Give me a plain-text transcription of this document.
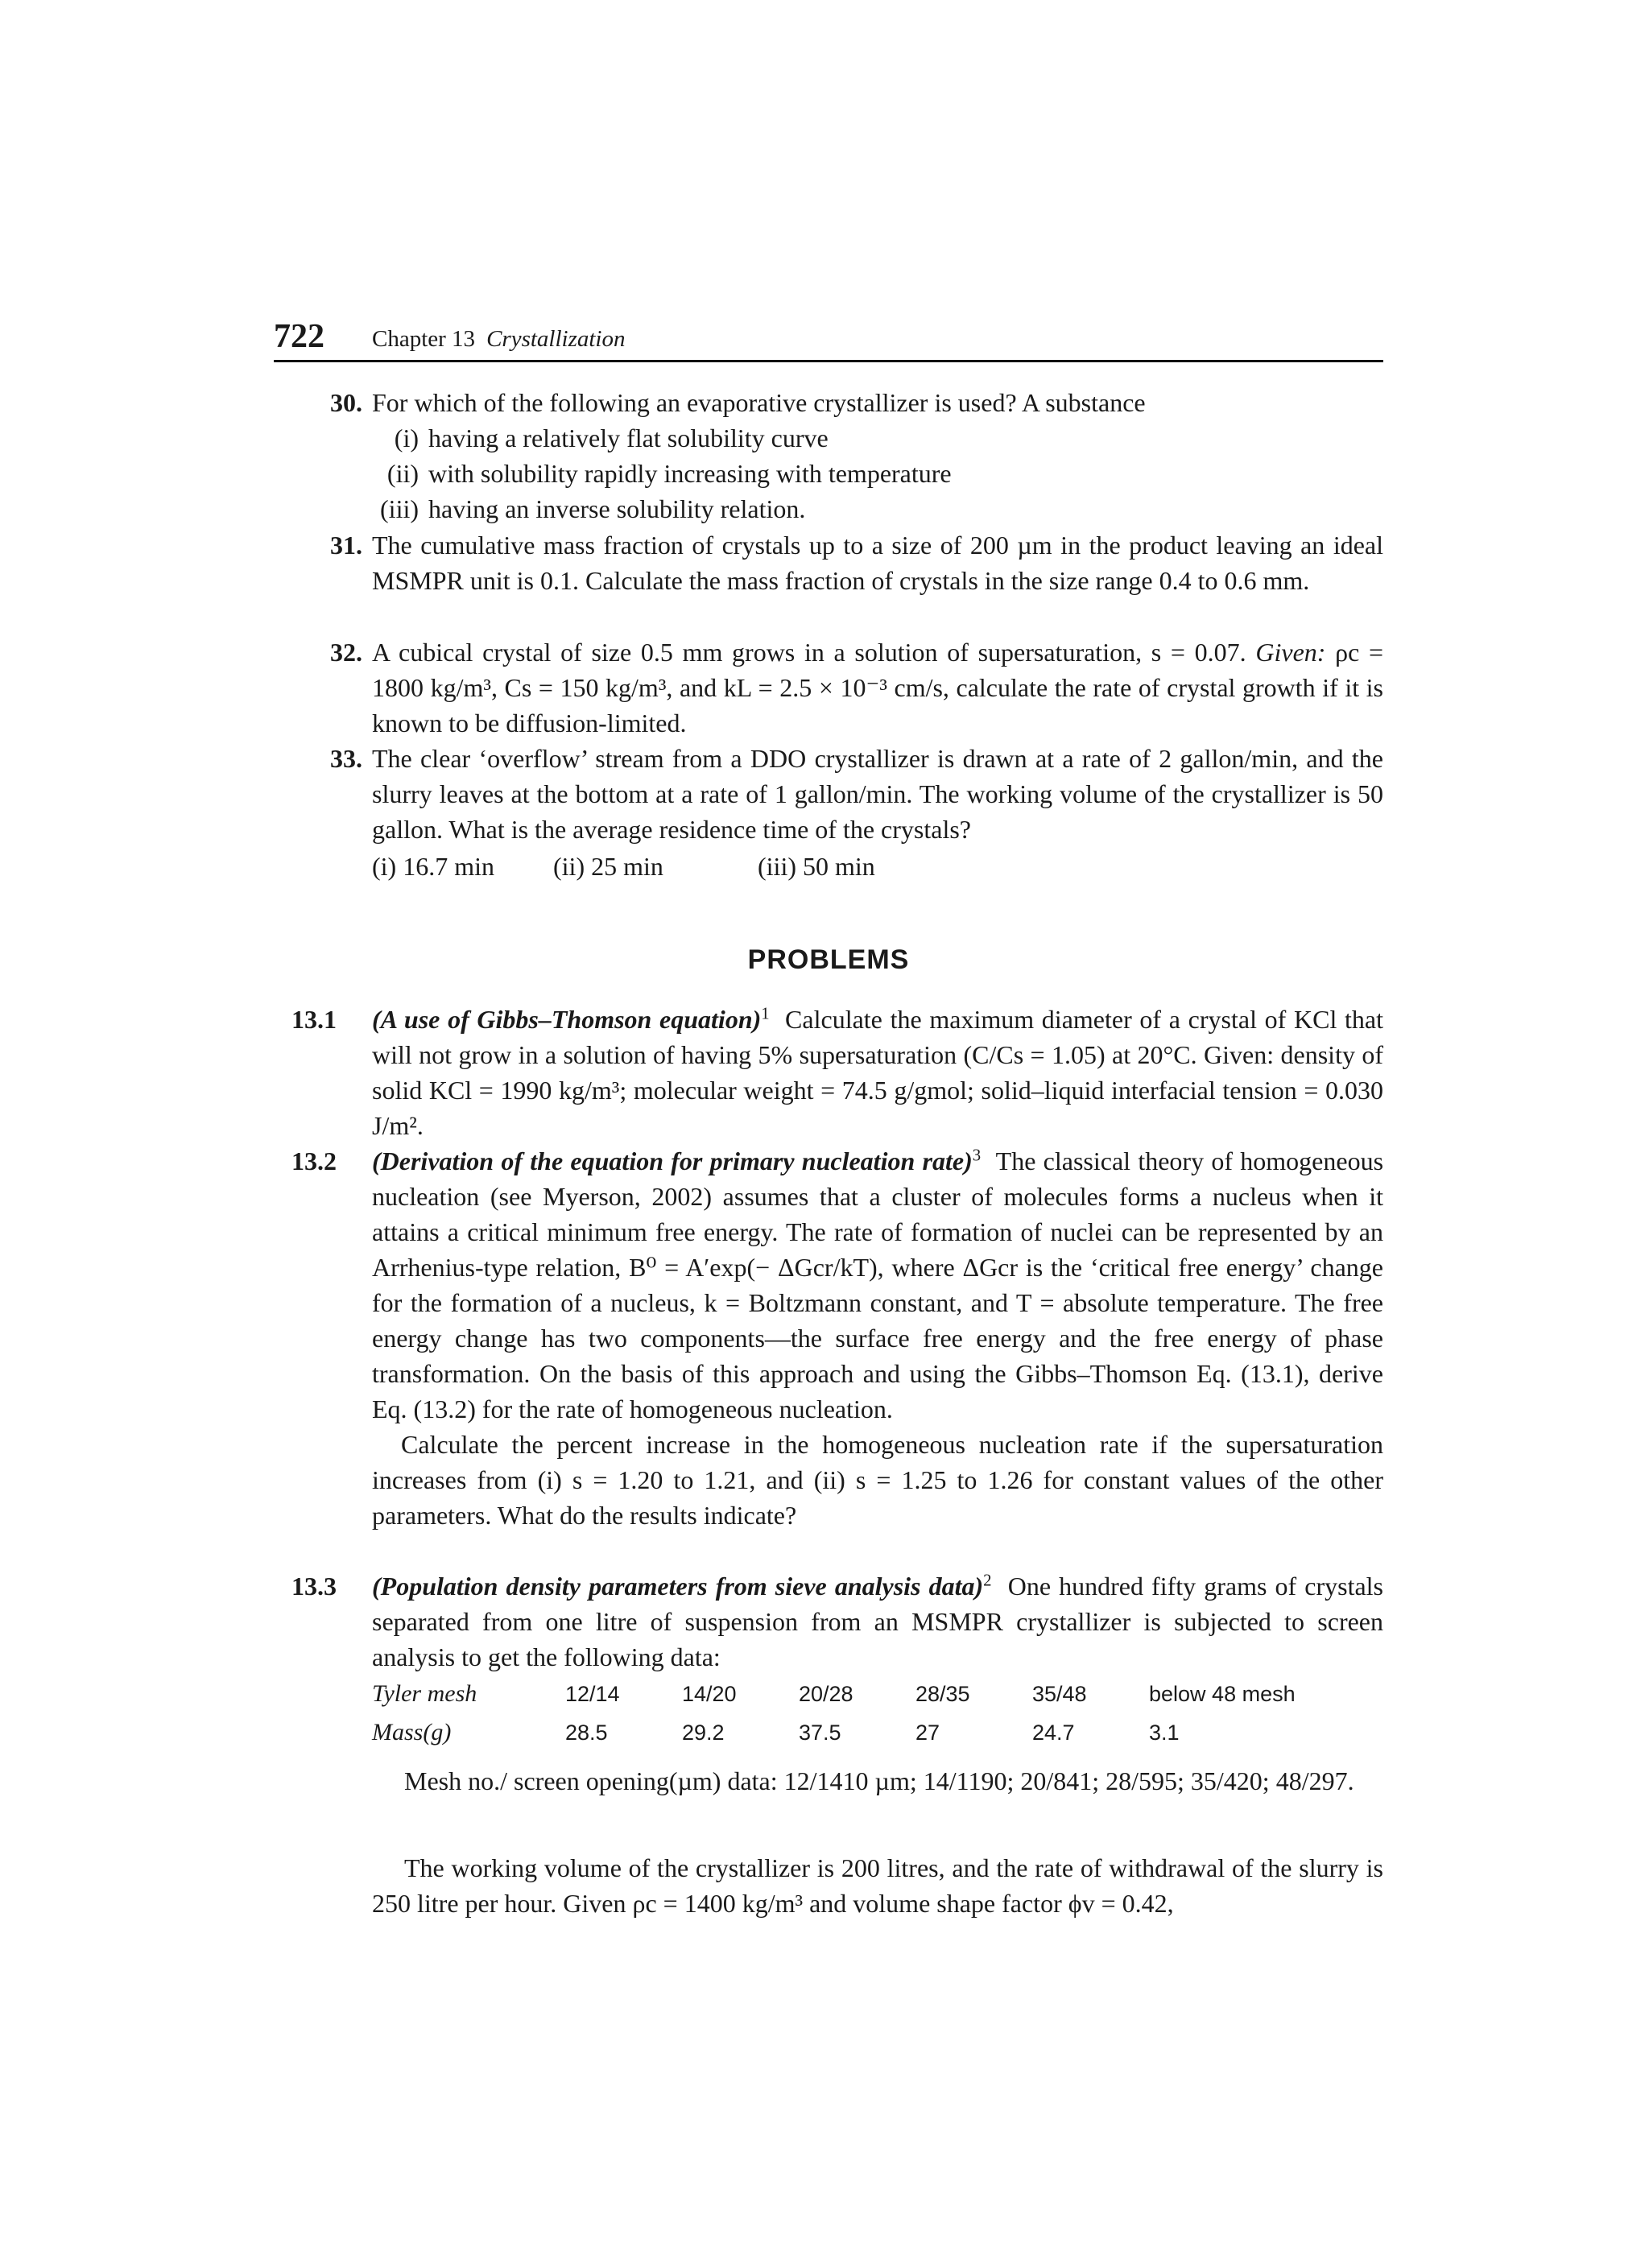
722 Chapter 13 Crystallization
30. For which of the following an evaporative crystallizer is used? A substance
(i) having a relatively flat solubility curve
(ii) with solubility rapidly increasing with temperature
(iii) having an inverse solubility relation.
31. The cumulative mass fraction of crystals up to a size of 200 µm in the product leaving an ideal MSMPR unit is 0.1. Calculate the mass fraction of crystals in the size range 0.4 to 0.6 mm.
32. A cubical crystal of size 0.5 mm grows in a solution of supersaturation, s = 0.07. Given: ρc = 1800 kg/m³, Cs = 150 kg/m³, and kL = 2.5 × 10⁻³ cm/s, calculate the rate of crystal growth if it is known to be diffusion-limited.
33. The clear ‘overflow’ stream from a DDO crystallizer is drawn at a rate of 2 gallon/min, and the slurry leaves at the bottom at a rate of 1 gallon/min. The working volume of the crystallizer is 50 gallon. What is the average residence time of the crystals?
(i) 16.7 min	(ii) 25 min	(iii) 50 min
PROBLEMS
13.1	(A use of Gibbs–Thomson equation)$^1$ Calculate the maximum diameter of a crystal of KCl that will not grow in a solution of having 5% supersaturation (C/Cs = 1.05) at 20°C. Given: density of solid KCl = 1990 kg/m³; molecular weight = 74.5 g/gmol; solid–liquid interfacial tension = 0.030 J/m².
13.2	(Derivation of the equation for primary nucleation rate)$^3$ The classical theory of homogeneous nucleation (see Myerson, 2002) assumes that a cluster of molecules forms a nucleus when it attains a critical minimum free energy. The rate of formation of nuclei can be represented by an Arrhenius-type relation, B⁰ = A′exp(− ΔGcr/kT), where ΔGcr is the ‘critical free energy’ change for the formation of a nucleus, k = Boltzmann constant, and T = absolute temperature. The free energy change has two components—the surface free energy and the free energy of phase transformation. On the basis of this approach and using the Gibbs–Thomson Eq. (13.1), derive Eq. (13.2) for the rate of homogeneous nucleation.
Calculate the percent increase in the homogeneous nucleation rate if the supersaturation increases from (i) s = 1.20 to 1.21, and (ii) s = 1.25 to 1.26 for constant values of the other parameters. What do the results indicate?
13.3	(Population density parameters from sieve analysis data)$^2$ One hundred fifty grams of crystals separated from one litre of suspension from an MSMPR crystallizer is subjected to screen analysis to get the following data:
Tyler mesh	12/14	14/20	20/28	28/35	35/48	below 48 mesh
Mass(g)	28.5	29.2	37.5	27	24.7	3.1
Mesh no./ screen opening(µm) data: 12/1410 µm; 14/1190; 20/841; 28/595; 35/420; 48/297.
The working volume of the crystallizer is 200 litres, and the rate of withdrawal of the slurry is 250 litre per hour. Given ρc = 1400 kg/m³ and volume shape factor ϕv = 0.42,
